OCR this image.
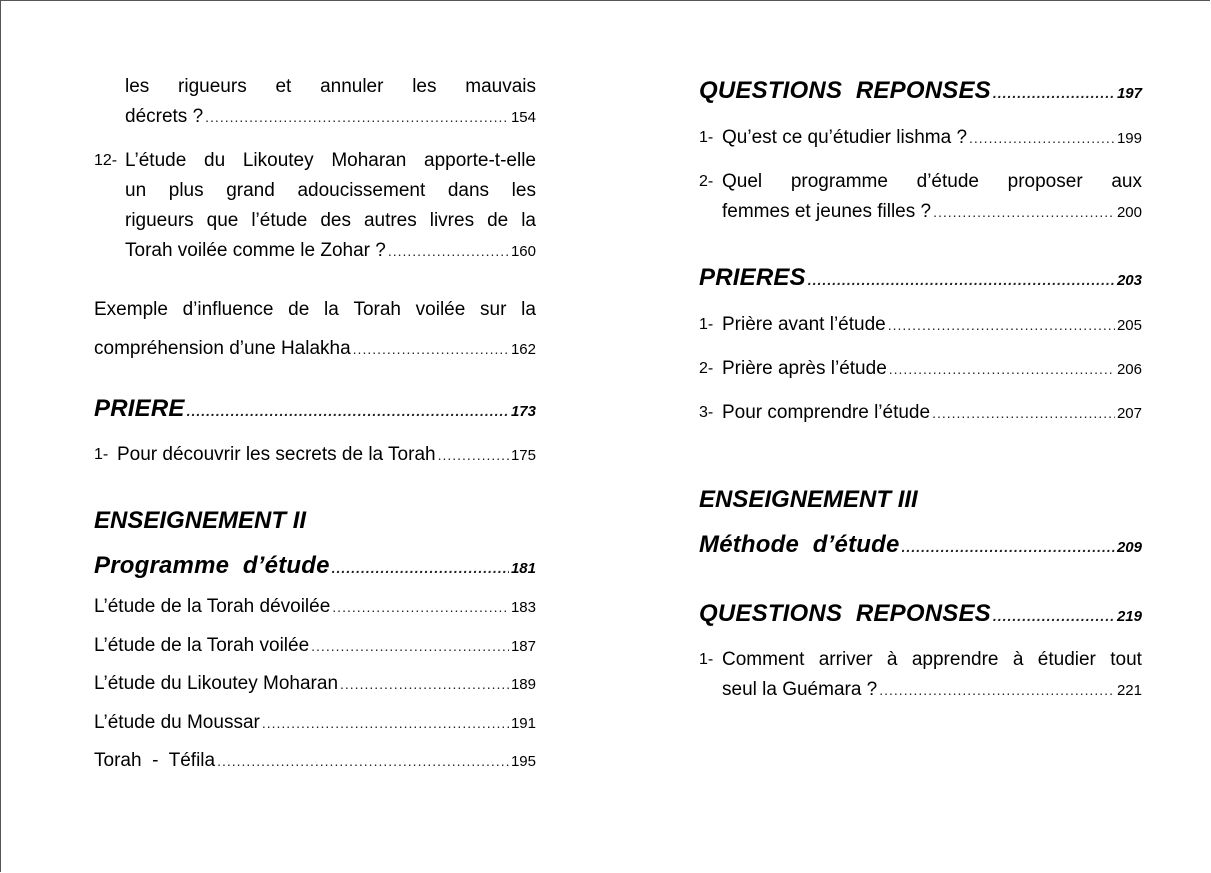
les rigueurs et annuler les mauvais
décrets ? .....	154
12- L’étude du Likoutey Moharan apporte-t-elle
un plus grand adoucissement dans les
rigueurs que l’étude des autres livres de la
Torah voilée comme le Zohar ? .....	160
Exemple d’influence de la Torah voilée sur la
compréhension d’une Halakha .....	162
PRIERE .....	173
1- Pour découvrir les secrets de la Torah .....	175
ENSEIGNEMENT II
Programme  d’étude .....	181
L’étude de la Torah dévoilée .....	183
L’étude de la Torah voilée .....	187
L’étude du Likoutey Moharan .....	189
L’étude du Moussar .....	191
Torah  -  Téfila .....	195
QUESTIONS  REPONSES .....	197
1- Qu’est ce qu’étudier lishma ? .....	199
2- Quel programme d’étude proposer aux
femmes et jeunes filles ? .....	200
PRIERES .....	203
1- Prière avant l’étude .....	205
2- Prière après l’étude .....	206
3- Pour comprendre l’étude .....	207
ENSEIGNEMENT III
Méthode  d’étude .....	209
QUESTIONS  REPONSES .....	219
1- Comment arriver à apprendre à étudier tout
seul la Guémara ? .....	221
